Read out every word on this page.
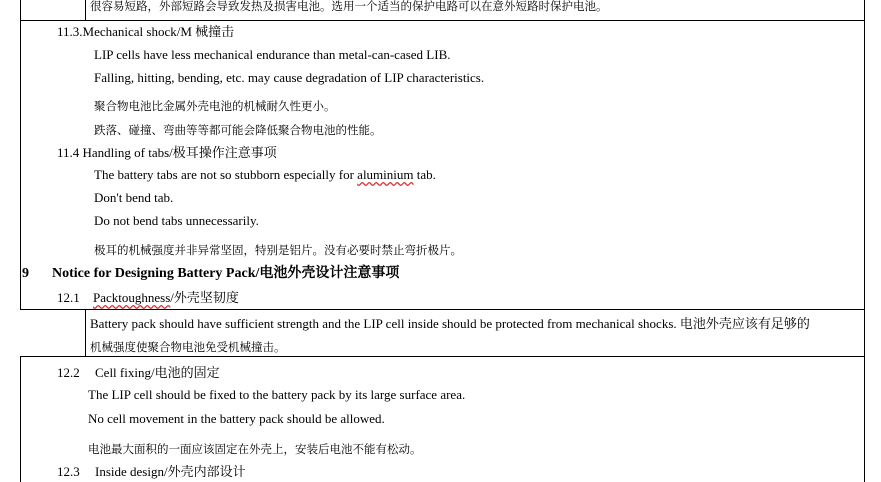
很容易短路，外部短路会导致发热及损害电池。选用一个适当的保护电路可以在意外短路时保护电池。
11.3.Mechanical shock/M 械撞击
LIP cells have less mechanical endurance than metal-can-cased LIB.
Falling, hitting, bending, etc. may cause degradation of LIP characteristics.
聚合物电池比金属外壳电池的机械耐久性更小。
跌落、碰撞、弯曲等等都可能会降低聚合物电池的性能。
11.4 Handling of tabs/极耳操作注意事项
The battery tabs are not so stubborn especially for aluminium tab.
Don't bend tab.
Do not bend tabs unnecessarily.
极耳的机械强度并非异常坚固，特别是铝片。没有必要时禁止弯折极片。
9 Notice for Designing Battery Pack/电池外壳设计注意事项
12.1 Packtoughness/外壳坚韧度
Battery pack should have sufficient strength and the LIP cell inside should be protected from mechanical shocks. 电池外壳应该有足够的
机械强度使聚合物电池免受机械撞击。
12.2 Cell fixing/电池的固定
The LIP cell should be fixed to the battery pack by its large surface area.
No cell movement in the battery pack should be allowed.
电池最大面积的一面应该固定在外壳上，安装后电池不能有松动。
12.3 Inside design/外壳内部设计
